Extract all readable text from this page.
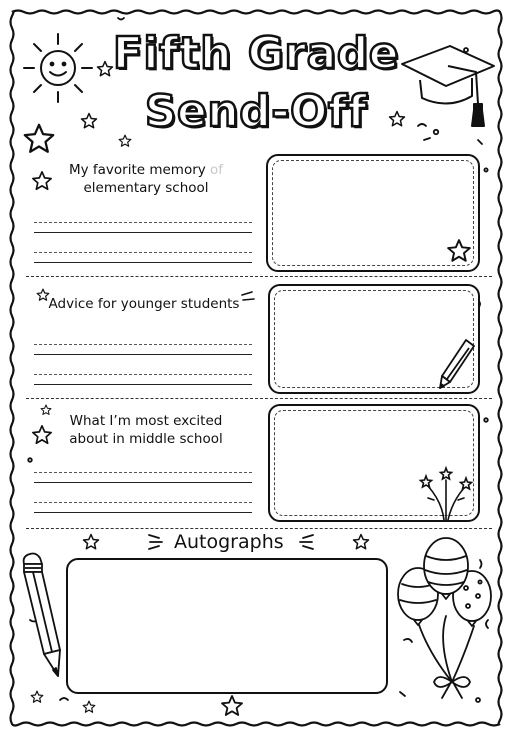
Fifth Grade
Send-Off
My favorite memory of
elementary school
Advice for younger students
What I’m most excited
about in middle school
Autographs
